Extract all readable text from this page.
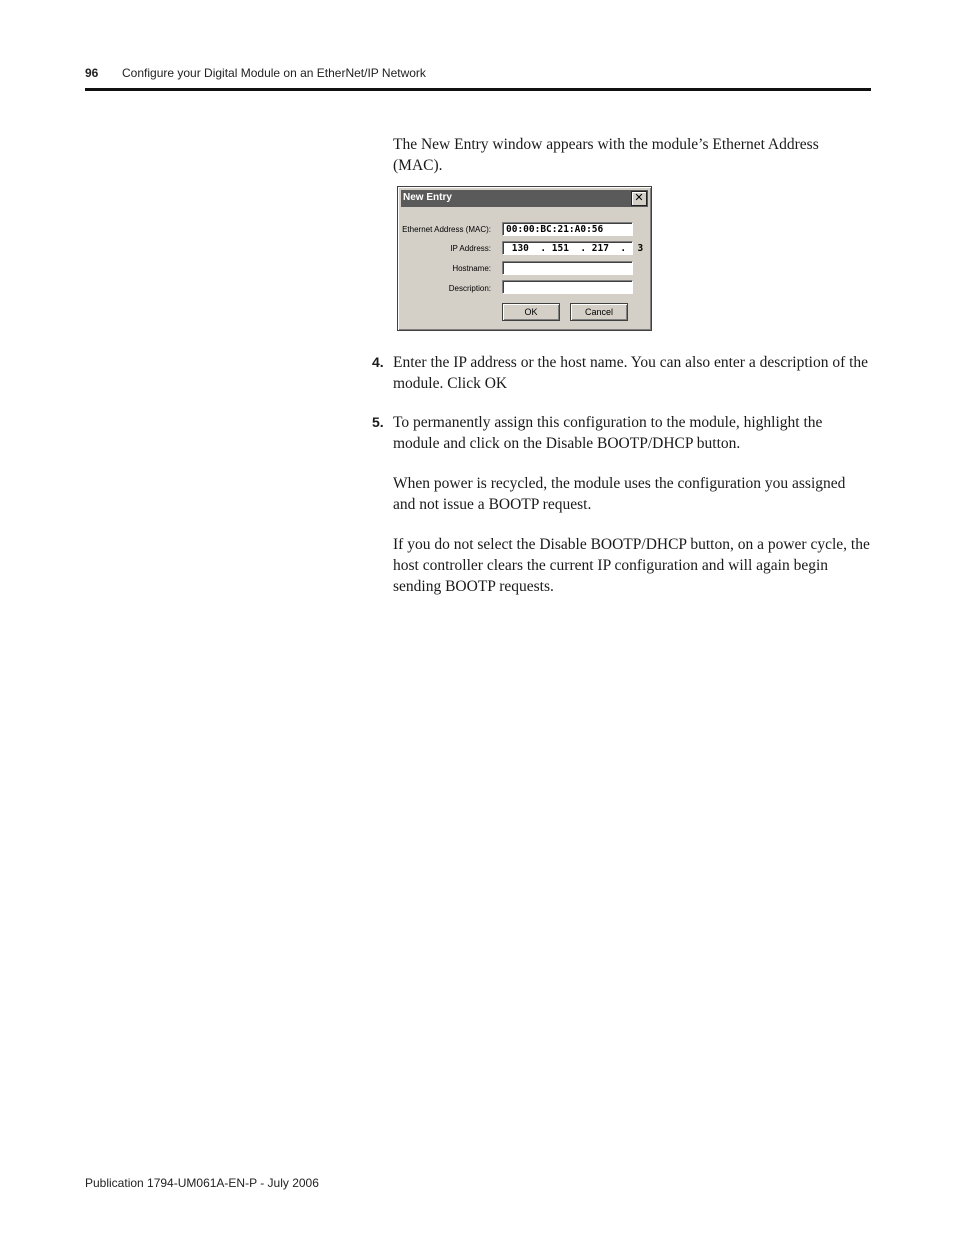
96 Configure your Digital Module on an EtherNet/IP Network
The New Entry window appears with the module’s Ethernet Address (MAC).
New Entry	✕
Ethernet Address (MAC):	00:00:BC:21:A0:56
IP Address:	130  . 151  . 217  .  3
Hostname:
Description:
OK	Cancel
4. Enter the IP address or the host name. You can also enter a description of the module. Click OK
5. To permanently assign this configuration to the module, highlight the module and click on the Disable BOOTP/DHCP button.
When power is recycled, the module uses the configuration you assigned and not issue a BOOTP request.
If you do not select the Disable BOOTP/DHCP button, on a power cycle, the host controller clears the current IP configuration and will again begin sending BOOTP requests.
Publication 1794-UM061A-EN-P - July 2006
